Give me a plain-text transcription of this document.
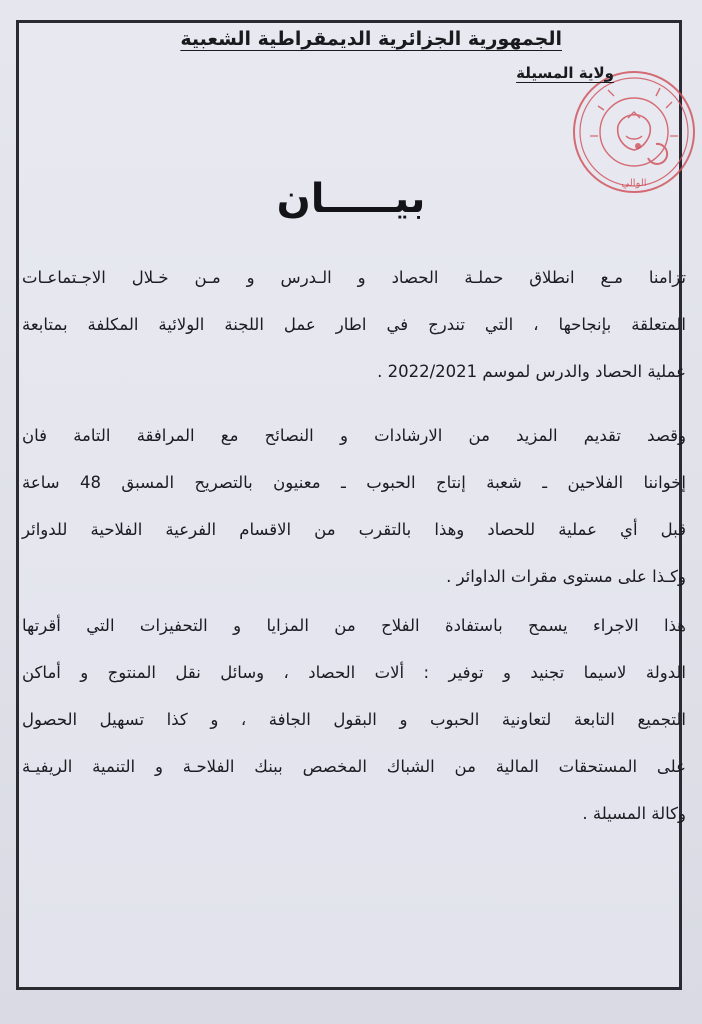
الجمهورية الجزائرية الديمقراطية الشعبية
ولاية المسيلة
الوالي
بيـــــان
تزامنا مـع انطلاق حملـة الحصاد و الـدرس و مـن خـلال الاجـتماعـات
المتعلقة بإنجاحها ، التي تندرج في اطار عمل اللجنة الولائية المكلفة بمتابعة
عملية الحصاد والدرس لموسم 2022/2021 .
وقصد تقديم المزيد من الارشادات و النصائح مع المرافقة التامة فان
إخواننا الفلاحين ـ شعبة إنتاج الحبوب ـ معنيون بالتصريح المسبق 48 ساعة
قبل أي عملية للحصاد وهذا بالتقرب من الاقسام الفرعية الفلاحية للدوائر
وكـذا على مستوى مقرات الداوائر .
هذا الاجراء يسمح باستفادة الفلاح من المزايا و التحفيزات التي أقرتها
الدولة لاسيما تجنيد و توفير : ألات الحصاد ، وسائل نقل المنتوج و أماكن
التجميع التابعة لتعاونية الحبوب و البقول الجافة ، و كذا تسهيل الحصول
على المستحقات المالية من الشباك المخصص ببنك الفلاحـة و التنمية الريفيـة
وكالة المسيلة .
